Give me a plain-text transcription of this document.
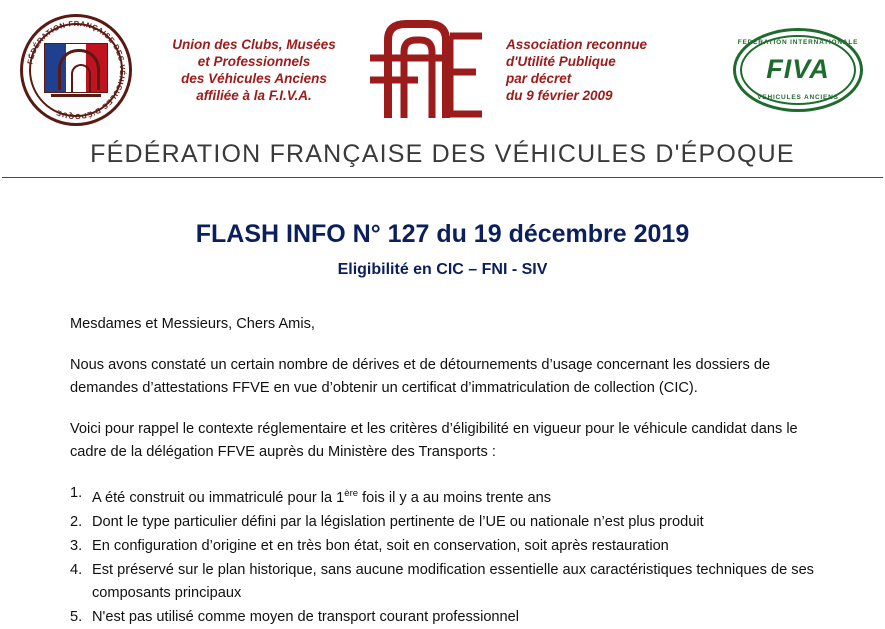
FÉDÉRATION FRANÇAISE DES VÉHICULES D'ÉPOQUE
Union des Clubs, Musées
et Professionnels
des Véhicules Anciens
affiliée à la F.I.V.A.
Association reconnue
d'Utilité Publique
par décret
du 9 février 2009
FEDERATION INTERNATIONALE
FIVA
VEHICULES ANCIENS
FÉDÉRATION FRANÇAISE DES VÉHICULES D'ÉPOQUE
FLASH INFO N° 127 du 19 décembre 2019
Eligibilité en CIC – FNI - SIV

Mesdames et Messieurs, Chers Amis,

Nous avons constaté un certain nombre de dérives et de détournements d’usage concernant les dossiers de demandes d’attestations FFVE en vue d’obtenir un certificat d’immatriculation de collection (CIC).

Voici pour rappel le contexte réglementaire et les critères d’éligibilité en vigueur pour le véhicule candidat dans le cadre de la délégation FFVE auprès du Ministère des Transports :

1. A été construit ou immatriculé pour la 1ère fois il y a au moins trente ans
2. Dont le type particulier défini par la législation pertinente de l’UE ou nationale n’est plus produit
3. En configuration d’origine et en très bon état, soit en conservation, soit après restauration
4. Est préservé sur le plan historique, sans aucune modification essentielle aux caractéristiques techniques de ses composants principaux
5. N'est pas utilisé comme moyen de transport courant professionnel
